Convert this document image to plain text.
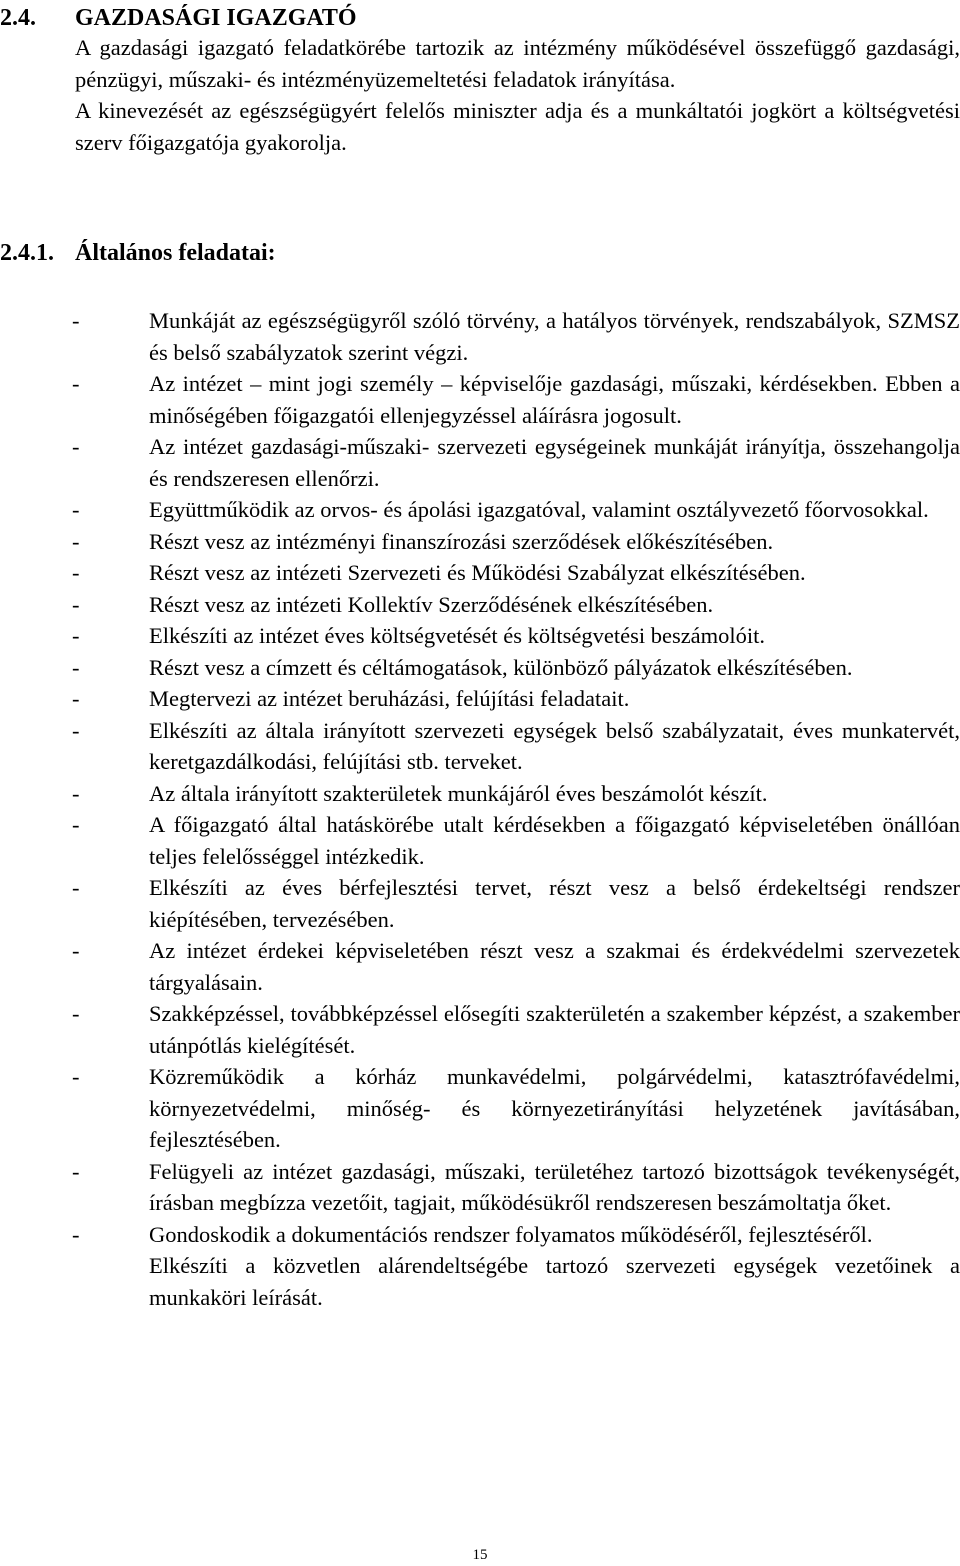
2.4. GAZDASÁGI IGAZGATÓ

A gazdasági igazgató feladatkörébe tartozik az intézmény működésével összefüggő gazdasági, pénzügyi, műszaki- és intézményüzemeltetési feladatok irányítása.

A kinevezését az egészségügyért felelős miniszter adja és a munkáltatói jogkört a költségvetési szerv főigazgatója gyakorolja.

2.4.1. Általános feladatai:
-	Munkáját az egészségügyről szóló törvény, a hatályos törvények, rendszabályok, SZMSZ és belső szabályzatok szerint végzi.
-	Az intézet – mint jogi személy – képviselője gazdasági, műszaki, kérdésekben. Ebben a minőségében főigazgatói ellenjegyzéssel aláírásra jogosult.
-	Az intézet gazdasági-műszaki- szervezeti egységeinek munkáját irányítja, összehangolja és rendszeresen ellenőrzi.
-	Együttműködik az orvos- és ápolási igazgatóval, valamint osztályvezető főorvosokkal.
-	Részt vesz az intézményi finanszírozási szerződések előkészítésében.
-	Részt vesz az intézeti Szervezeti és Működési Szabályzat elkészítésében.
-	Részt vesz az intézeti Kollektív Szerződésének elkészítésében.
-	Elkészíti az intézet éves költségvetését és költségvetési beszámolóit.
-	Részt vesz a címzett és céltámogatások, különböző pályázatok elkészítésében.
-	Megtervezi az intézet beruházási, felújítási feladatait.
-	Elkészíti az általa irányított szervezeti egységek belső szabályzatait, éves munkatervét, keretgazdálkodási, felújítási stb. terveket.
-	Az általa irányított szakterületek munkájáról éves beszámolót készít.
-	A főigazgató által hatáskörébe utalt kérdésekben a főigazgató képviseletében önállóan teljes felelősséggel intézkedik.
-	Elkészíti az éves bérfejlesztési tervet, részt vesz a belső érdekeltségi rendszer kiépítésében, tervezésében.
-	Az intézet érdekei képviseletében részt vesz a szakmai és érdekvédelmi szervezetek tárgyalásain.
-	Szakképzéssel, továbbképzéssel elősegíti szakterületén a szakember képzést, a szakember utánpótlás kielégítését.
-	Közreműködik a kórház munkavédelmi, polgárvédelmi, katasztrófavédelmi, környezetvédelmi, minőség- és környezetirányítási helyzetének javításában, fejlesztésében.
-	Felügyeli az intézet gazdasági, műszaki, területéhez tartozó bizottságok tevékenységét, írásban megbízza vezetőit, tagjait, működésükről rendszeresen beszámoltatja őket.
-	Gondoskodik a dokumentációs rendszer folyamatos működéséről, fejlesztéséről.
Elkészíti a közvetlen alárendeltségébe tartozó szervezeti egységek vezetőinek a munkaköri leírását.
15
